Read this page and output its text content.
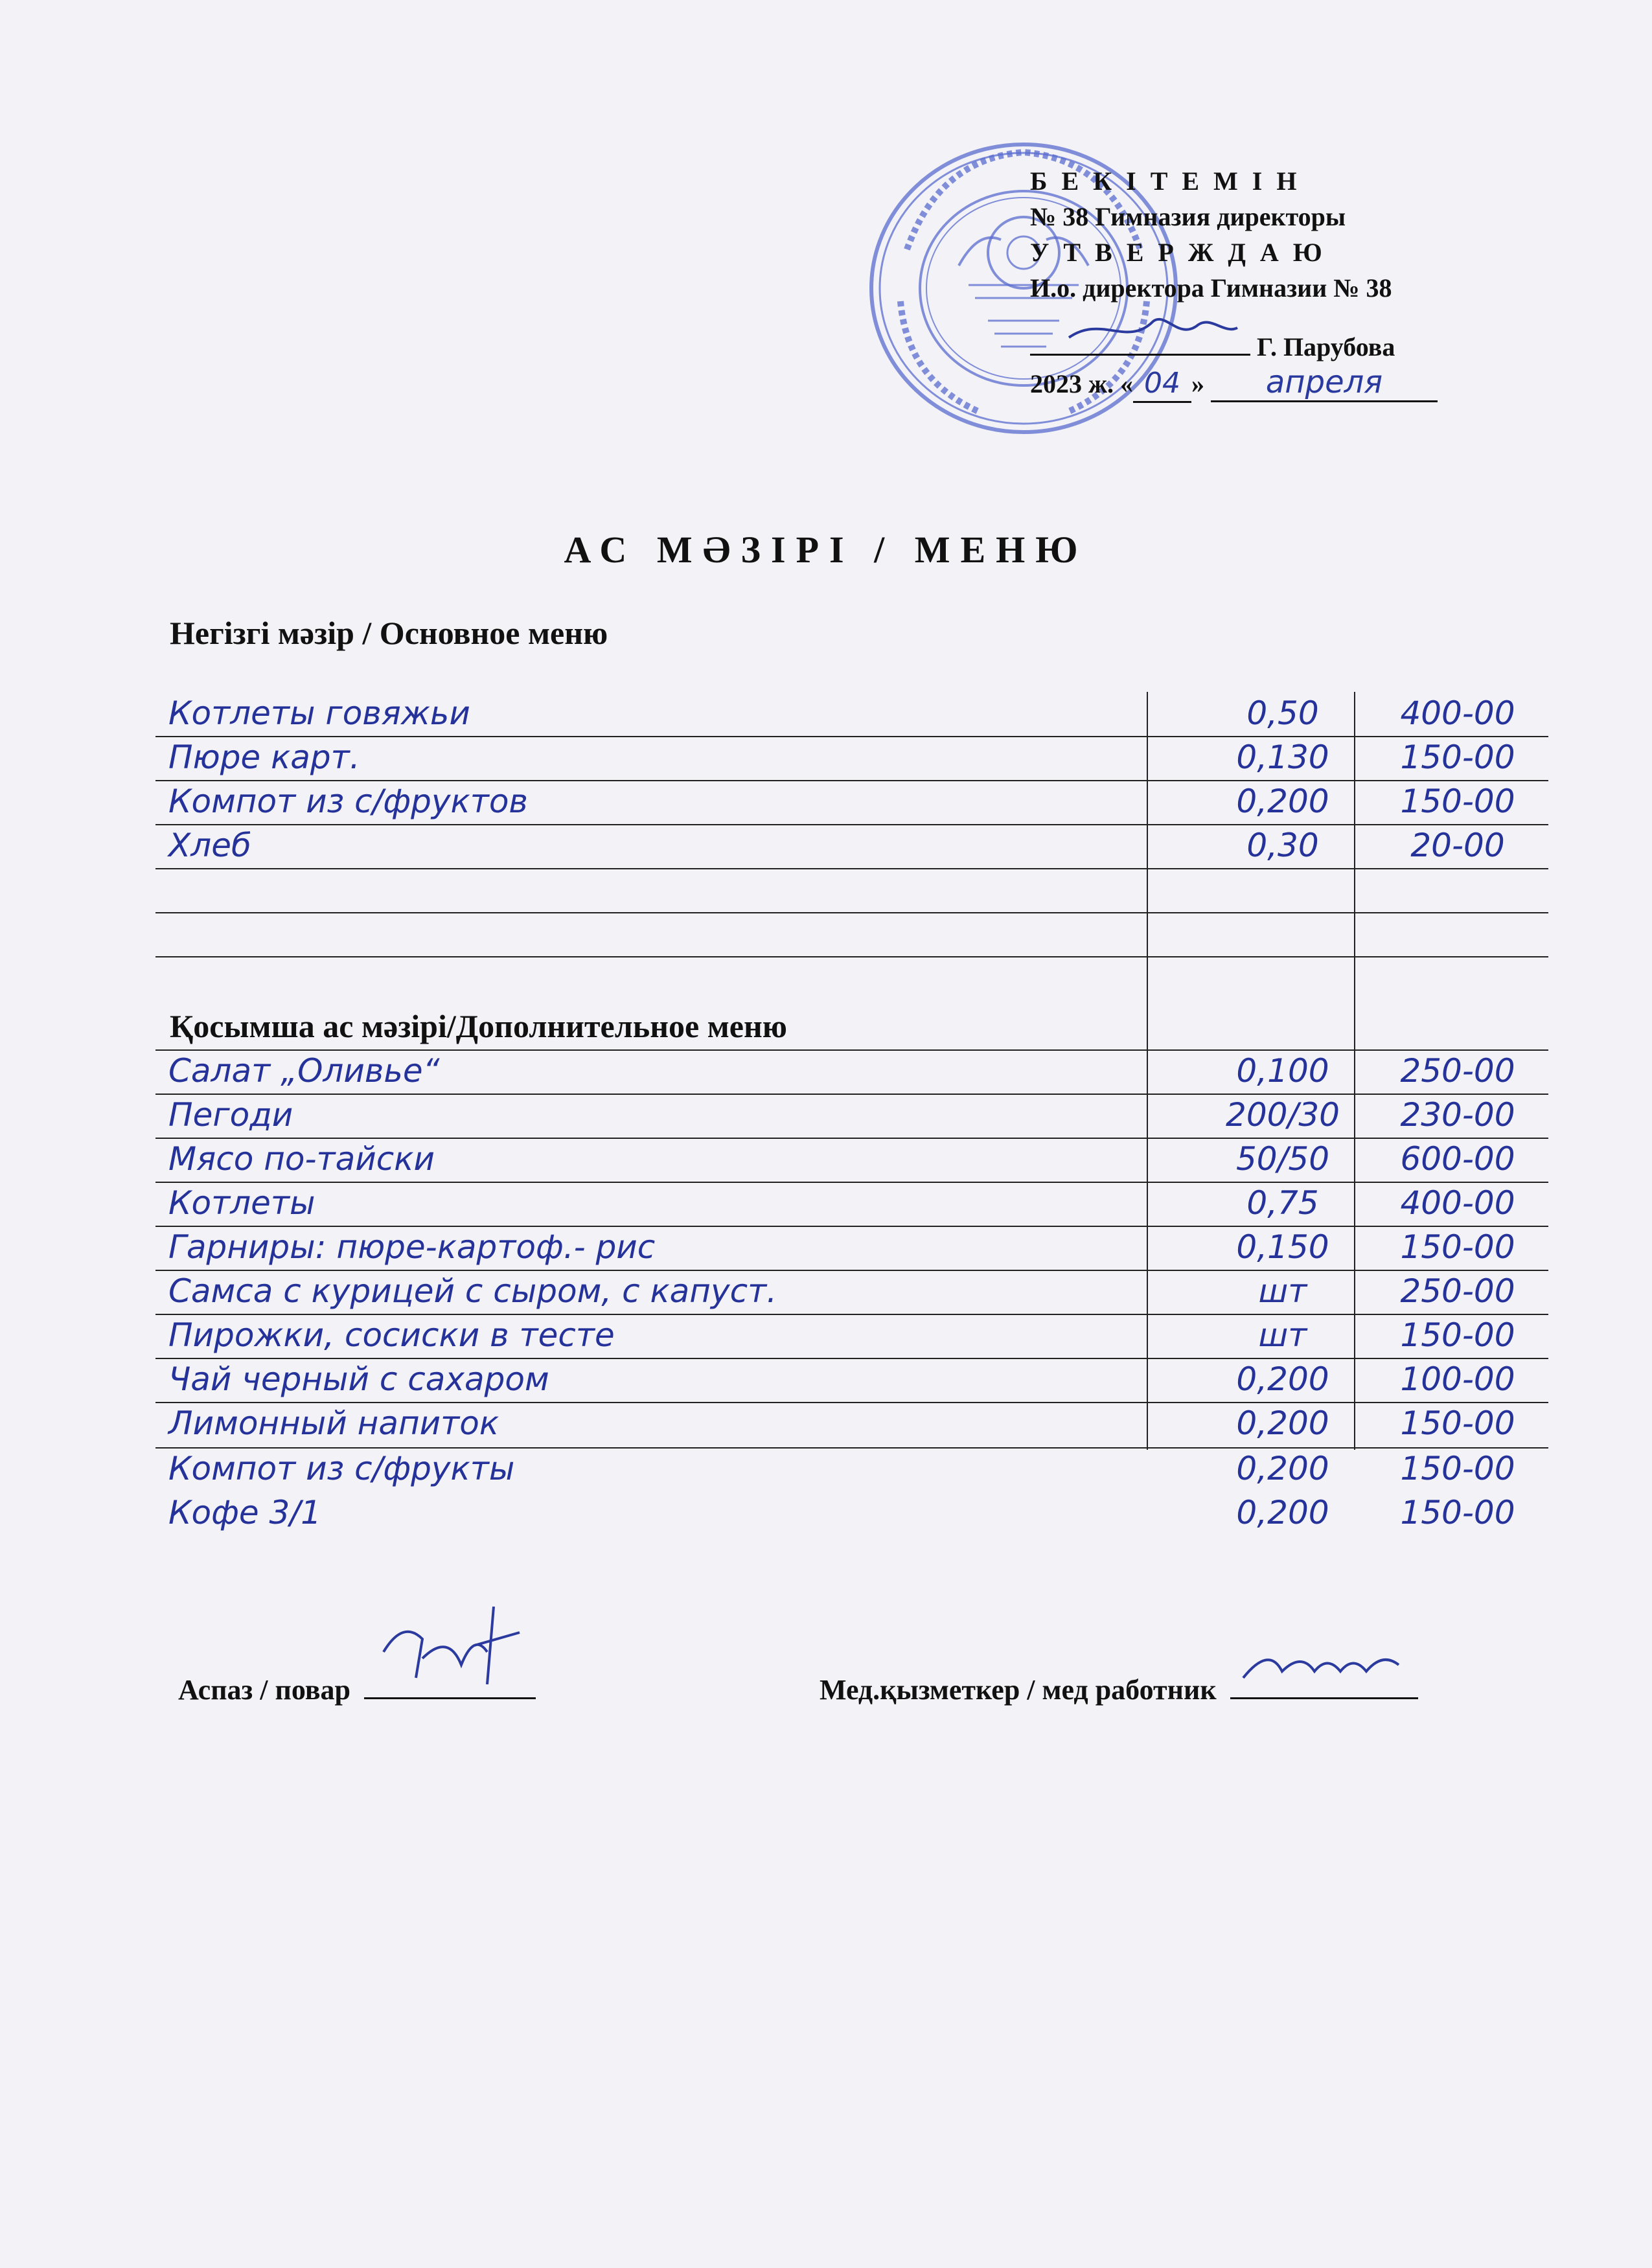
Б Е К І Т Е М І Н
№ 38 Гимназия директоры
У Т В Е Р Ж Д А Ю
И.о. директора Гимназии № 38
Г. Парубова
2023 ж. « 04 » апреля
АС МӘЗІРІ / МЕНЮ
Негізгі мәзір / Основное меню
Котлеты говяжьи	0,50	400-00
Пюре карт.	0,130	150-00
Компот из с/фруктов	0,200	150-00
Хлеб	0,30	20-00
Салат „Оливье“	0,100	250-00
Пегоди	200/30	230-00
Мясо по-тайски	50/50	600-00
Котлеты	0,75	400-00
Гарниры: пюре-картоф.- рис	0,150	150-00
Самса с курицей с сыром, с капуст.	шт	250-00
Пирожки, сосиски в тесте	шт	150-00
Чай черный с сахаром	0,200	100-00
Лимонный напиток	0,200	150-00
Компот из с/фрукты	0,200	150-00
Кофе 3/1	0,200	150-00
Қосымша ас мәзірі/Дополнительное меню
Аспаз / повар	Мед.қызметкер / мед работник
